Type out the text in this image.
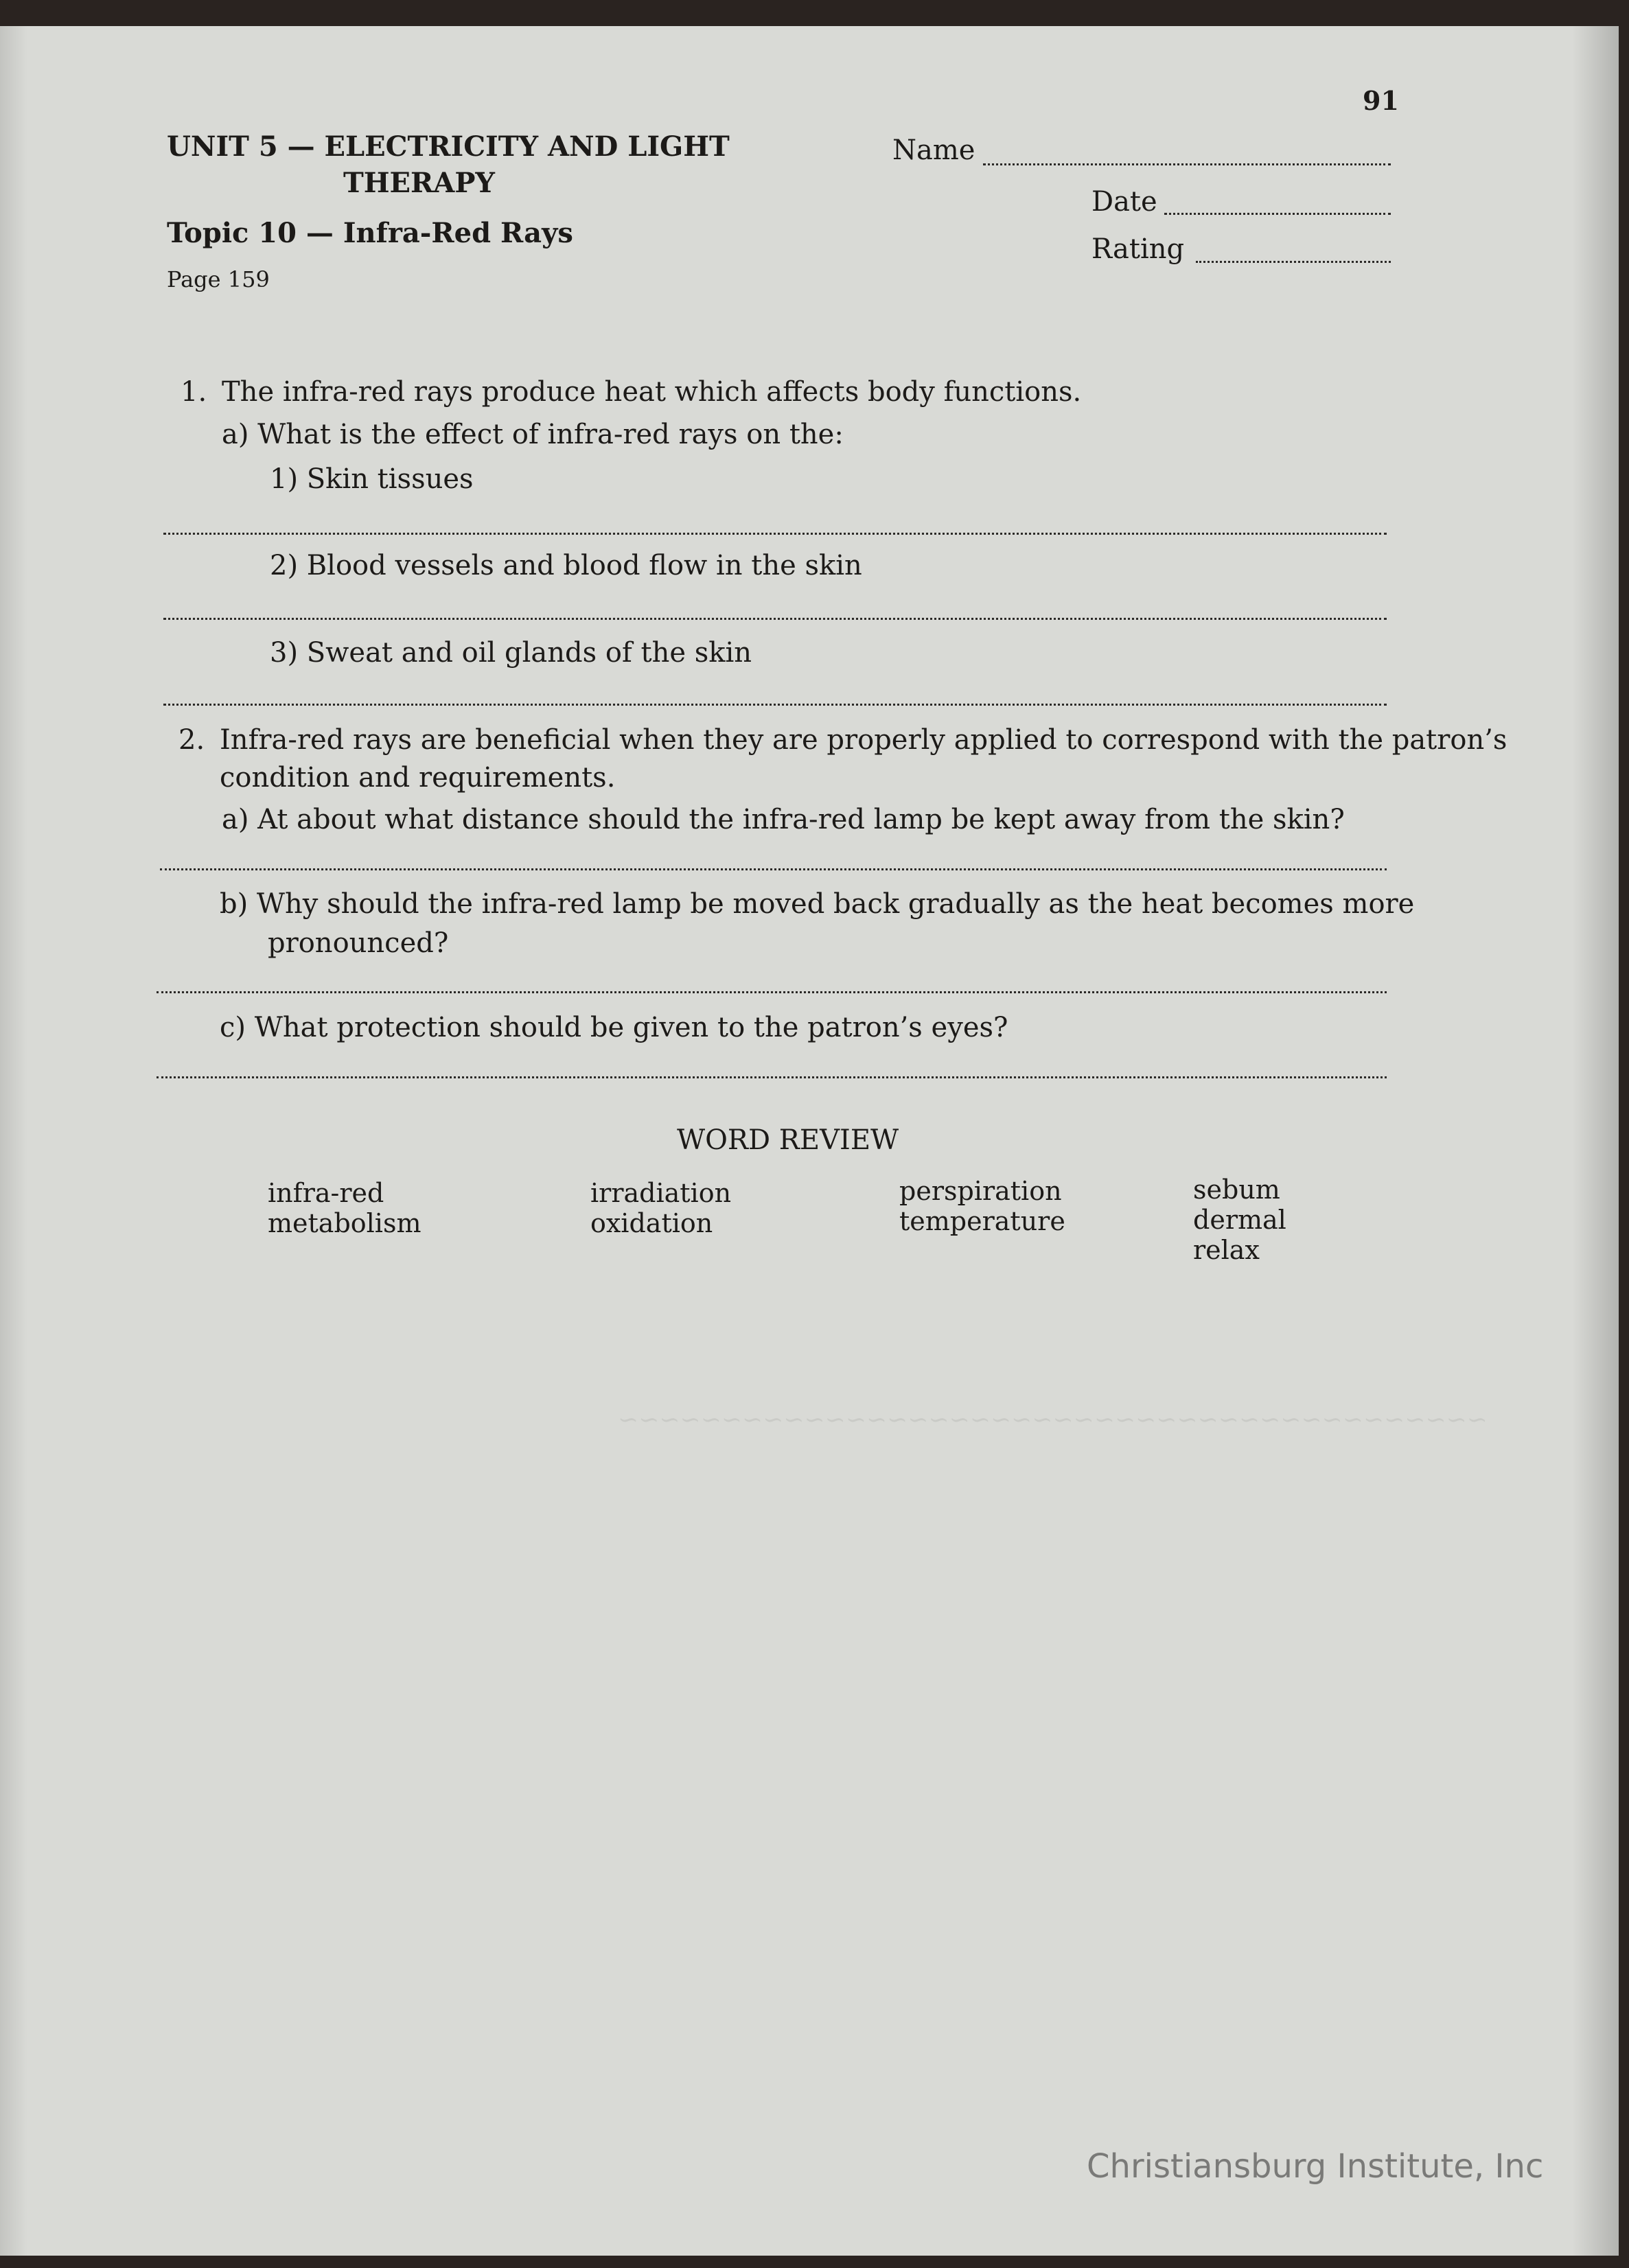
~~~~~~~~~~~~~~~~~~~~~~~~~~~~~~~~~~~~~~~~~~
91
UNIT 5 — ELECTRICITY AND LIGHT
THERAPY
Topic 10 — Infra-Red Rays
Page 159
Name
Date
Rating
1. The infra-red rays produce heat which affects body functions.
a) What is the effect of infra-red rays on the:
1) Skin tissues
2) Blood vessels and blood flow in the skin
3) Sweat and oil glands of the skin
2. Infra-red rays are beneficial when they are properly applied to correspond with the patron’s
condition and requirements.
a) At about what distance should the infra-red lamp be kept away from the skin?
b) Why should the infra-red lamp be moved back gradually as the heat becomes more
pronounced?
c) What protection should be given to the patron’s eyes?
WORD REVIEW
infra-red
metabolism
irradiation
oxidation
perspiration
temperature
sebum
dermal
relax
Christiansburg Institute, Inc
